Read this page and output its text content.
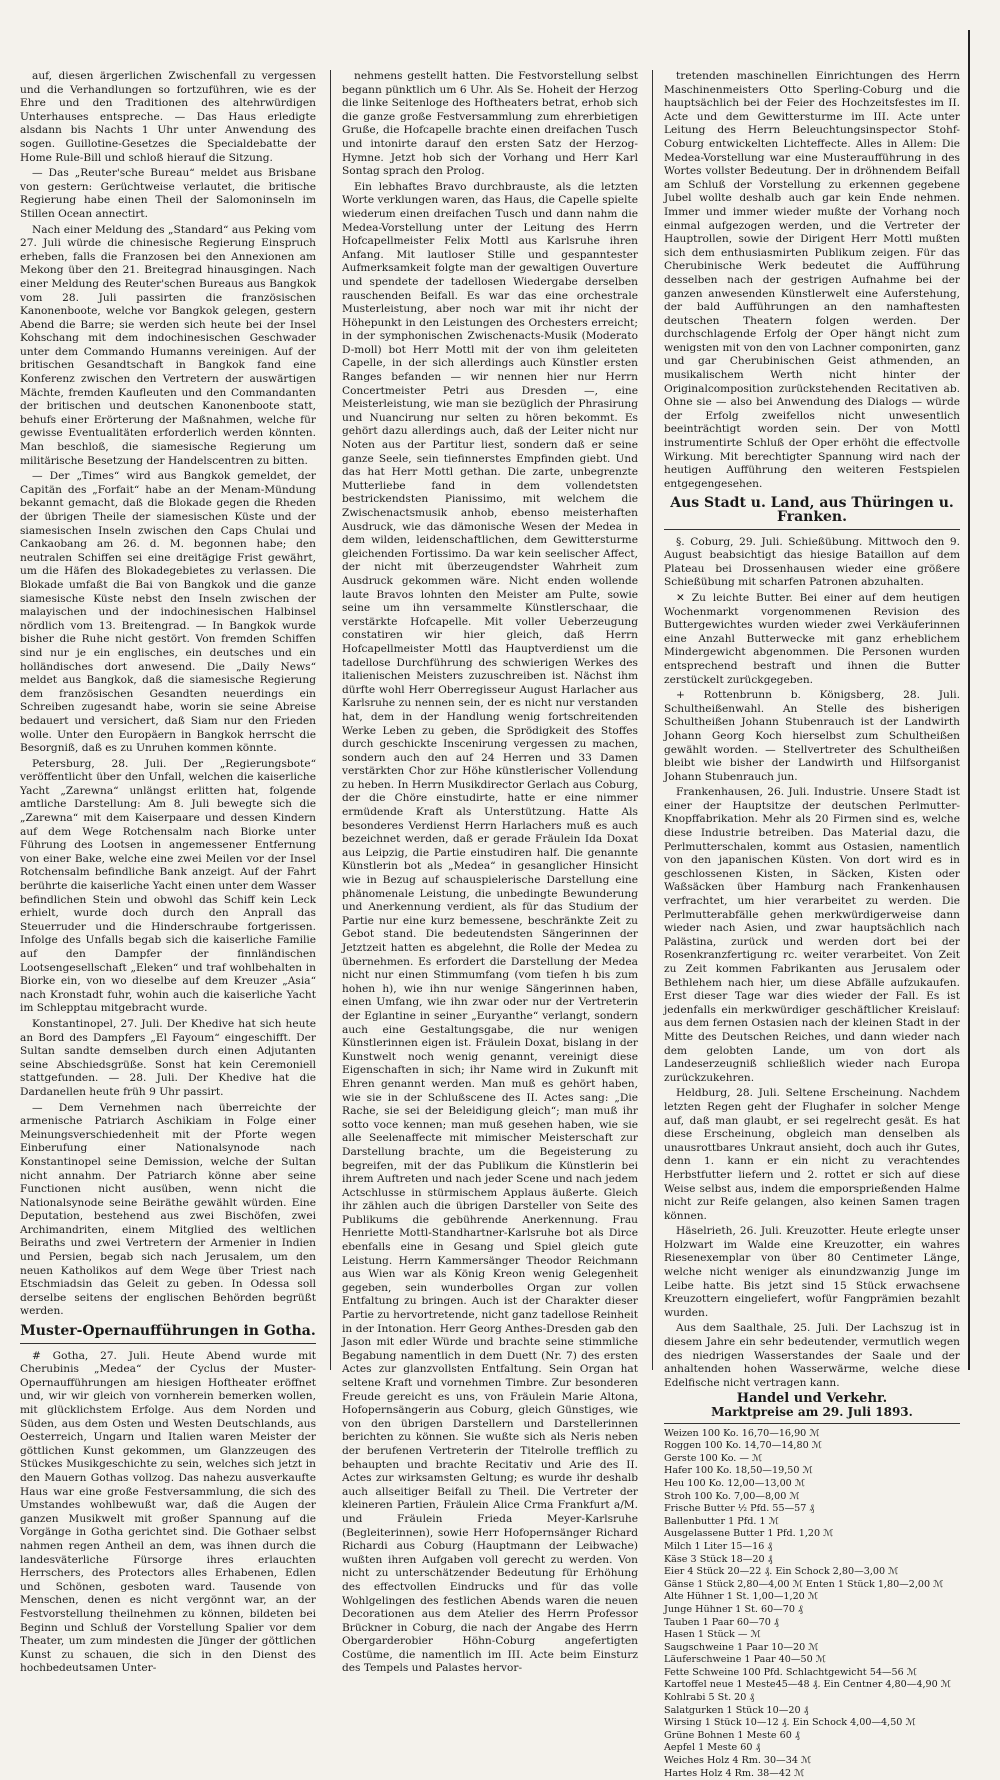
auf, diesen ärgerlichen Zwischenfall zu vergessen und die Verhandlungen so fortzuführen, wie es der Ehre und den Traditionen des altehrwürdigen Unterhauses entspreche. — Das Haus erledigte alsdann bis Nachts 1 Uhr unter Anwendung des sogen. Guillotine-Gesetzes die Specialdebatte der Home Rule-Bill und schloß hierauf die Sitzung.

— Das „Reuter'sche Bureau“ meldet aus Brisbane von gestern: Gerüchtweise verlautet, die britische Regierung habe einen Theil der Salomoninseln im Stillen Ocean annectirt.

Nach einer Meldung des „Standard“ aus Peking vom 27. Juli würde die chinesische Regierung Einspruch erheben, falls die Franzosen bei den Annexionen am Mekong über den 21. Breitegrad hinausgingen. Nach einer Meldung des Reuter'schen Bureaus aus Bangkok vom 28. Juli passirten die französischen Kanonenboote, welche vor Bangkok gelegen, gestern Abend die Barre; sie werden sich heute bei der Insel Kohschang mit dem indochinesischen Geschwader unter dem Commando Humanns vereinigen. Auf der britischen Gesandtschaft in Bangkok fand eine Konferenz zwischen den Vertretern der auswärtigen Mächte, fremden Kaufleuten und den Commandanten der britischen und deutschen Kanonenboote statt, behufs einer Erörterung der Maßnahmen, welche für gewisse Eventualitäten erforderlich werden könnten. Man beschloß, die siamesische Regierung um militärische Besetzung der Handelscentren zu bitten.

— Der „Times“ wird aus Bangkok gemeldet, der Capitän des „Forfait“ habe an der Menam-Mündung bekannt gemacht, daß die Blokade gegen die Rheden der übrigen Theile der siamesischen Küste und der siamesischen Inseln zwischen den Caps Chulai und Cankaobang am 26. d. M. begonnen habe; den neutralen Schiffen sei eine dreitägige Frist gewährt, um die Häfen des Blokadegebietes zu verlassen. Die Blokade umfaßt die Bai von Bangkok und die ganze siamesische Küste nebst den Inseln zwischen der malayischen und der indochinesischen Halbinsel nördlich vom 13. Breitengrad. — In Bangkok wurde bisher die Ruhe nicht gestört. Von fremden Schiffen sind nur je ein englisches, ein deutsches und ein holländisches dort anwesend. Die „Daily News“ meldet aus Bangkok, daß die siamesische Regierung dem französischen Gesandten neuerdings ein Schreiben zugesandt habe, worin sie seine Abreise bedauert und versichert, daß Siam nur den Frieden wolle. Unter den Europäern in Bangkok herrscht die Besorgniß, daß es zu Unruhen kommen könnte.

Petersburg, 28. Juli. Der „Regierungsbote“ veröffentlicht über den Unfall, welchen die kaiserliche Yacht „Zarewna“ unlängst erlitten hat, folgende amtliche Darstellung: Am 8. Juli bewegte sich die „Zarewna“ mit dem Kaiserpaare und dessen Kindern auf dem Wege Rotchensalm nach Biorke unter Führung des Lootsen in angemessener Entfernung von einer Bake, welche eine zwei Meilen vor der Insel Rotchensalm befindliche Bank anzeigt. Auf der Fahrt berührte die kaiserliche Yacht einen unter dem Wasser befindlichen Stein und obwohl das Schiff kein Leck erhielt, wurde doch durch den Anprall das Steuerruder und die Hinderschraube fortgerissen. Infolge des Unfalls begab sich die kaiserliche Familie auf den Dampfer der finnländischen Lootsengesellschaft „Eleken“ und traf wohlbehalten in Biorke ein, von wo dieselbe auf dem Kreuzer „Asia“ nach Kronstadt fuhr, wohin auch die kaiserliche Yacht im Schlepptau mitgebracht wurde.

Konstantinopel, 27. Juli. Der Khedive hat sich heute an Bord des Dampfers „El Fayoum“ eingeschifft. Der Sultan sandte demselben durch einen Adjutanten seine Abschiedsgrüße. Sonst hat kein Ceremoniell stattgefunden. — 28. Juli. Der Khedive hat die Dardanellen heute früh 9 Uhr passirt.

— Dem Vernehmen nach überreichte der armenische Patriarch Aschikiam in Folge einer Meinungsverschiedenheit mit der Pforte wegen Einberufung einer Nationalsynode nach Konstantinopel seine Demission, welche der Sultan nicht annahm. Der Patriarch könne aber seine Functionen nicht ausüben, wenn nicht die Nationalsynode seine Beiräthe gewählt würden. Eine Deputation, bestehend aus zwei Bischöfen, zwei Archimandriten, einem Mitglied des weltlichen Beiraths und zwei Vertretern der Armenier in Indien und Persien, begab sich nach Jerusalem, um den neuen Katholikos auf dem Wege über Triest nach Etschmiadsin das Geleit zu geben. In Odessa soll derselbe seitens der englischen Behörden begrüßt werden.

Muster-Opernaufführungen in Gotha.

# Gotha, 27. Juli. Heute Abend wurde mit Cherubinis „Medea“ der Cyclus der Muster-Opernaufführungen am hiesigen Hoftheater eröffnet und, wir wir gleich von vornherein bemerken wollen, mit glücklichstem Erfolge. Aus dem Norden und Süden, aus dem Osten und Westen Deutschlands, aus Oesterreich, Ungarn und Italien waren Meister der göttlichen Kunst gekommen, um Glanzzeugen des Stückes Musikgeschichte zu sein, welches sich jetzt in den Mauern Gothas vollzog. Das nahezu ausverkaufte Haus war eine große Festversammlung, die sich des Umstandes wohlbewußt war, daß die Augen der ganzen Musikwelt mit großer Spannung auf die Vorgänge in Gotha gerichtet sind. Die Gothaer selbst nahmen regen Antheil an dem, was ihnen durch die landesväterliche Fürsorge ihres erlauchten Herrschers, des Protectors alles Erhabenen, Edlen und Schönen, gesboten ward. Tausende von Menschen, denen es nicht vergönnt war, an der Festvorstellung theilnehmen zu können, bildeten bei Beginn und Schluß der Vorstellung Spalier vor dem Theater, um zum mindesten die Jünger der göttlichen Kunst zu schauen, die sich in den Dienst des hochbedeutsamen Unter-

nehmens gestellt hatten. Die Festvorstellung selbst begann pünktlich um 6 Uhr. Als Se. Hoheit der Herzog die linke Seitenloge des Hoftheaters betrat, erhob sich die ganze große Festversammlung zum ehrerbietigen Gruße, die Hofcapelle brachte einen dreifachen Tusch und intonirte darauf den ersten Satz der Herzog-Hymne. Jetzt hob sich der Vorhang und Herr Karl Sontag sprach den Prolog.

Ein lebhaftes Bravo durchbrauste, als die letzten Worte verklungen waren, das Haus, die Capelle spielte wiederum einen dreifachen Tusch und dann nahm die Medea-Vorstellung unter der Leitung des Herrn Hofcapellmeister Felix Mottl aus Karlsruhe ihren Anfang. Mit lautloser Stille und gespanntester Aufmerksamkeit folgte man der gewaltigen Ouverture und spendete der tadellosen Wiedergabe derselben rauschenden Beifall. Es war das eine orchestrale Musterleistung, aber noch war mit ihr nicht der Höhepunkt in den Leistungen des Orchesters erreicht; in der symphonischen Zwischenacts-Musik (Moderato D-moll) bot Herr Mottl mit der von ihm geleiteten Capelle, in der sich allerdings auch Künstler ersten Ranges befanden — wir nennen hier nur Herrn Concertmeister Petri aus Dresden —, eine Meisterleistung, wie man sie bezüglich der Phrasirung und Nuancirung nur selten zu hören bekommt. Es gehört dazu allerdings auch, daß der Leiter nicht nur Noten aus der Partitur liest, sondern daß er seine ganze Seele, sein tiefinnerstes Empfinden giebt. Und das hat Herr Mottl gethan. Die zarte, unbegrenzte Mutterliebe fand in dem vollendetsten bestrickendsten Pianissimo, mit welchem die Zwischenactsmusik anhob, ebenso meisterhaften Ausdruck, wie das dämonische Wesen der Medea in dem wilden, leidenschaftlichen, dem Gewittersturme gleichenden Fortissimo. Da war kein seelischer Affect, der nicht mit überzeugendster Wahrheit zum Ausdruck gekommen wäre. Nicht enden wollende laute Bravos lohnten den Meister am Pulte, sowie seine um ihn versammelte Künstlerschaar, die verstärkte Hofcapelle. Mit voller Ueberzeugung constatiren wir hier gleich, daß Herrn Hofcapellmeister Mottl das Hauptverdienst um die tadellose Durchführung des schwierigen Werkes des italienischen Meisters zuzuschreiben ist. Nächst ihm dürfte wohl Herr Oberregisseur August Harlacher aus Karlsruhe zu nennen sein, der es nicht nur verstanden hat, dem in der Handlung wenig fortschreitenden Werke Leben zu geben, die Sprödigkeit des Stoffes durch geschickte Inscenirung vergessen zu machen, sondern auch den auf 24 Herren und 33 Damen verstärkten Chor zur Höhe künstlerischer Vollendung zu heben. In Herrn Musikdirector Gerlach aus Coburg, der die Chöre einstudirte, hatte er eine nimmer ermüdende Kraft als Unterstützung. Hatte Als besonderes Verdienst Herrn Harlachers muß es auch bezeichnet werden, daß er gerade Fräulein Ida Doxat aus Leipzig, die Partie einstudiren half. Die genannte Künstlerin bot als „Medea“ in gesanglicher Hinsicht wie in Bezug auf schauspielerische Darstellung eine phänomenale Leistung, die unbedingte Bewunderung und Anerkennung verdient, als für das Studium der Partie nur eine kurz bemessene, beschränkte Zeit zu Gebot stand. Die bedeutendsten Sängerinnen der Jetztzeit hatten es abgelehnt, die Rolle der Medea zu übernehmen. Es erfordert die Darstellung der Medea nicht nur einen Stimmumfang (vom tiefen h bis zum hohen h), wie ihn nur wenige Sängerinnen haben, einen Umfang, wie ihn zwar oder nur der Vertreterin der Eglantine in seiner „Euryanthe“ verlangt, sondern auch eine Gestaltungsgabe, die nur wenigen Künstlerinnen eigen ist. Fräulein Doxat, bislang in der Kunstwelt noch wenig genannt, vereinigt diese Eigenschaften in sich; ihr Name wird in Zukunft mit Ehren genannt werden. Man muß es gehört haben, wie sie in der Schlußscene des II. Actes sang: „Die Rache, sie sei der Beleidigung gleich“; man muß ihr sotto voce kennen; man muß gesehen haben, wie sie alle Seelenaffecte mit mimischer Meisterschaft zur Darstellung brachte, um die Begeisterung zu begreifen, mit der das Publikum die Künstlerin bei ihrem Auftreten und nach jeder Scene und nach jedem Actschlusse in stürmischem Applaus äußerte. Gleich ihr zählen auch die übrigen Darsteller von Seite des Publikums die gebührende Anerkennung. Frau Henriette Mottl-Standhartner-Karlsruhe bot als Dirce ebenfalls eine in Gesang und Spiel gleich gute Leistung. Herrn Kammersänger Theodor Reichmann aus Wien war als König Kreon wenig Gelegenheit gegeben, sein wunderbolles Organ zur vollen Entfaltung zu bringen. Auch ist der Charakter dieser Partie zu hervortretende, nicht ganz tadellose Reinheit in der Intonation. Herr Georg Anthes-Dresden gab den Jason mit edler Würde und brachte seine stimmliche Begabung namentlich in dem Duett (Nr. 7) des ersten Actes zur glanzvollsten Entfaltung. Sein Organ hat seltene Kraft und vornehmen Timbre. Zur besonderen Freude gereicht es uns, von Fräulein Marie Altona, Hofopernsängerin aus Coburg, gleich Günstiges, wie von den übrigen Darstellern und Darstellerinnen berichten zu können. Sie wußte sich als Neris neben der berufenen Vertreterin der Titelrolle trefflich zu behaupten und brachte Recitativ und Arie des II. Actes zur wirksamsten Geltung; es wurde ihr deshalb auch allseitiger Beifall zu Theil. Die Vertreter der kleineren Partien, Fräulein Alice Crma Frankfurt a/M. und Fräulein Frieda Meyer-Karlsruhe (Begleiterinnen), sowie Herr Hofopernsänger Richard Richardi aus Coburg (Hauptmann der Leibwache) wußten ihren Aufgaben voll gerecht zu werden. Von nicht zu unterschätzender Bedeutung für Erhöhung des effectvollen Eindrucks und für das volle Wohlgelingen des festlichen Abends waren die neuen Decorationen aus dem Atelier des Herrn Professor Brückner in Coburg, die nach der Angabe des Herrn Obergarderobier Höhn-Coburg angefertigten Costüme, die namentlich im III. Acte beim Einsturz des Tempels und Palastes hervor-

tretenden maschinellen Einrichtungen des Herrn Maschinenmeisters Otto Sperling-Coburg und die hauptsächlich bei der Feier des Hochzeitsfestes im II. Acte und dem Gewittersturme im III. Acte unter Leitung des Herrn Beleuchtungsinspector Stohf-Coburg entwickelten Lichteffecte. Alles in Allem: Die Medea-Vorstellung war eine Musteraufführung in des Wortes vollster Bedeutung. Der in dröhnendem Beifall am Schluß der Vorstellung zu erkennen gegebene Jubel wollte deshalb auch gar kein Ende nehmen. Immer und immer wieder mußte der Vorhang noch einmal aufgezogen werden, und die Vertreter der Hauptrollen, sowie der Dirigent Herr Mottl mußten sich dem enthusiasmirten Publikum zeigen. Für das Cherubinische Werk bedeutet die Aufführung desselben nach der gestrigen Aufnahme bei der ganzen anwesenden Künstlerwelt eine Auferstehung, der bald Aufführungen an den namhaftesten deutschen Theatern folgen werden. Der durchschlagende Erfolg der Oper hängt nicht zum wenigsten mit von den von Lachner componirten, ganz und gar Cherubinischen Geist athmenden, an musikalischem Werth nicht hinter der Originalcomposition zurückstehenden Recitativen ab. Ohne sie — also bei Anwendung des Dialogs — würde der Erfolg zweifellos nicht unwesentlich beeinträchtigt worden sein. Der von Mottl instrumentirte Schluß der Oper erhöht die effectvolle Wirkung. Mit berechtigter Spannung wird nach der heutigen Aufführung den weiteren Festspielen entgegengesehen.

Aus Stadt u. Land, aus Thüringen u. Franken.

§. Coburg, 29. Juli. Schießübung. Mittwoch den 9. August beabsichtigt das hiesige Bataillon auf dem Plateau bei Drossenhausen wieder eine größere Schießübung mit scharfen Patronen abzuhalten.

✕ Zu leichte Butter. Bei einer auf dem heutigen Wochenmarkt vorgenommenen Revision des Buttergewichtes wurden wieder zwei Verkäuferinnen eine Anzahl Butterwecke mit ganz erheblichem Mindergewicht abgenommen. Die Personen wurden entsprechend bestraft und ihnen die Butter zerstückelt zurückgegeben.

+ Rottenbrunn b. Königsberg, 28. Juli. Schultheißenwahl. An Stelle des bisherigen Schultheißen Johann Stubenrauch ist der Landwirth Johann Georg Koch hierselbst zum Schultheißen gewählt worden. — Stellvertreter des Schultheißen bleibt wie bisher der Landwirth und Hilfsorganist Johann Stubenrauch jun.

Frankenhausen, 26. Juli. Industrie. Unsere Stadt ist einer der Hauptsitze der deutschen Perlmutter-Knopffabrikation. Mehr als 20 Firmen sind es, welche diese Industrie betreiben. Das Material dazu, die Perlmutterschalen, kommt aus Ostasien, namentlich von den japanischen Küsten. Von dort wird es in geschlossenen Kisten, in Säcken, Kisten oder Waßsäcken über Hamburg nach Frankenhausen verfrachtet, um hier verarbeitet zu werden. Die Perlmutterabfälle gehen merkwürdigerweise dann wieder nach Asien, und zwar hauptsächlich nach Palästina, zurück und werden dort bei der Rosenkranzfertigung rc. weiter verarbeitet. Von Zeit zu Zeit kommen Fabrikanten aus Jerusalem oder Bethlehem nach hier, um diese Abfälle aufzukaufen. Erst dieser Tage war dies wieder der Fall. Es ist jedenfalls ein merkwürdiger geschäftlicher Kreislauf: aus dem fernen Ostasien nach der kleinen Stadt in der Mitte des Deutschen Reiches, und dann wieder nach dem gelobten Lande, um von dort als Landeserzeugniß schließlich wieder nach Europa zurückzukehren.

Heldburg, 28. Juli. Seltene Erscheinung. Nachdem letzten Regen geht der Flughafer in solcher Menge auf, daß man glaubt, er sei regelrecht gesät. Es hat diese Erscheinung, obgleich man denselben als unausrottbares Unkraut ansieht, doch auch ihr Gutes, denn 1. kann er ein nicht zu verachtendes Herbstfutter liefern und 2. rottet er sich auf diese Weise selbst aus, indem die emporsprießenden Halme nicht zur Reife gelangen, also keinen Samen tragen können.

Häselrieth, 26. Juli. Kreuzotter. Heute erlegte unser Holzwart im Walde eine Kreuzotter, ein wahres Riesenexemplar von über 80 Centimeter Länge, welche nicht weniger als einundzwanzig Junge im Leibe hatte. Bis jetzt sind 15 Stück erwachsene Kreuzottern eingeliefert, wofür Fangprämien bezahlt wurden.

Aus dem Saalthale, 25. Juli. Der Lachszug ist in diesem Jahre ein sehr bedeutender, vermutlich wegen des niedrigen Wasserstandes der Saale und der anhaltenden hohen Wasserwärme, welche diese Edelfische nicht vertragen kann.

Handel und Verkehr.
Marktpreise am 29. Juli 1893.
Weizen 100 Ko. 16,70—16,90 ℳ
Roggen 100 Ko. 14,70—14,80 ℳ
Gerste 100 Ko. — ℳ
Hafer 100 Ko. 18,50—19,50 ℳ
Heu 100 Ko. 12,00—13,00 ℳ
Stroh 100 Ko. 7,00—8,00 ℳ
Frische Butter ½ Pfd. 55—57 ₰
Ballenbutter 1 Pfd. 1 ℳ
Ausgelassene Butter 1 Pfd. 1,20 ℳ
Milch 1 Liter 15—16 ₰
Käse 3 Stück 18—20 ₰
Eier 4 Stück 20—22 ₰. Ein Schock 2,80—3,00 ℳ
Gänse 1 Stück 2,80—4,00 ℳ Enten 1 Stück 1,80—2,00 ℳ
Alte Hühner 1 St. 1,00—1,20 ℳ
Junge Hühner 1 St. 60—70 ₰
Tauben 1 Paar 60—70 ₰
Hasen 1 Stück — ℳ
Saugschweine 1 Paar 10—20 ℳ
Läuferschweine 1 Paar 40—50 ℳ
Fette Schweine 100 Pfd. Schlachtgewicht 54—56 ℳ
Kartoffel neue 1 Meste45—48 ₰. Ein Centner 4,80—4,90 ℳ
Kohlrabi 5 St. 20 ₰
Salatgurken 1 Stück 10—20 ₰
Wirsing 1 Stück 10—12 ₰. Ein Schock 4,00—4,50 ℳ
Grüne Bohnen 1 Meste 60 ₰
Aepfel 1 Meste 60 ₰
Weiches Holz 4 Rm. 30—34 ℳ
Hartes Holz 4 Rm. 38—42 ℳ
